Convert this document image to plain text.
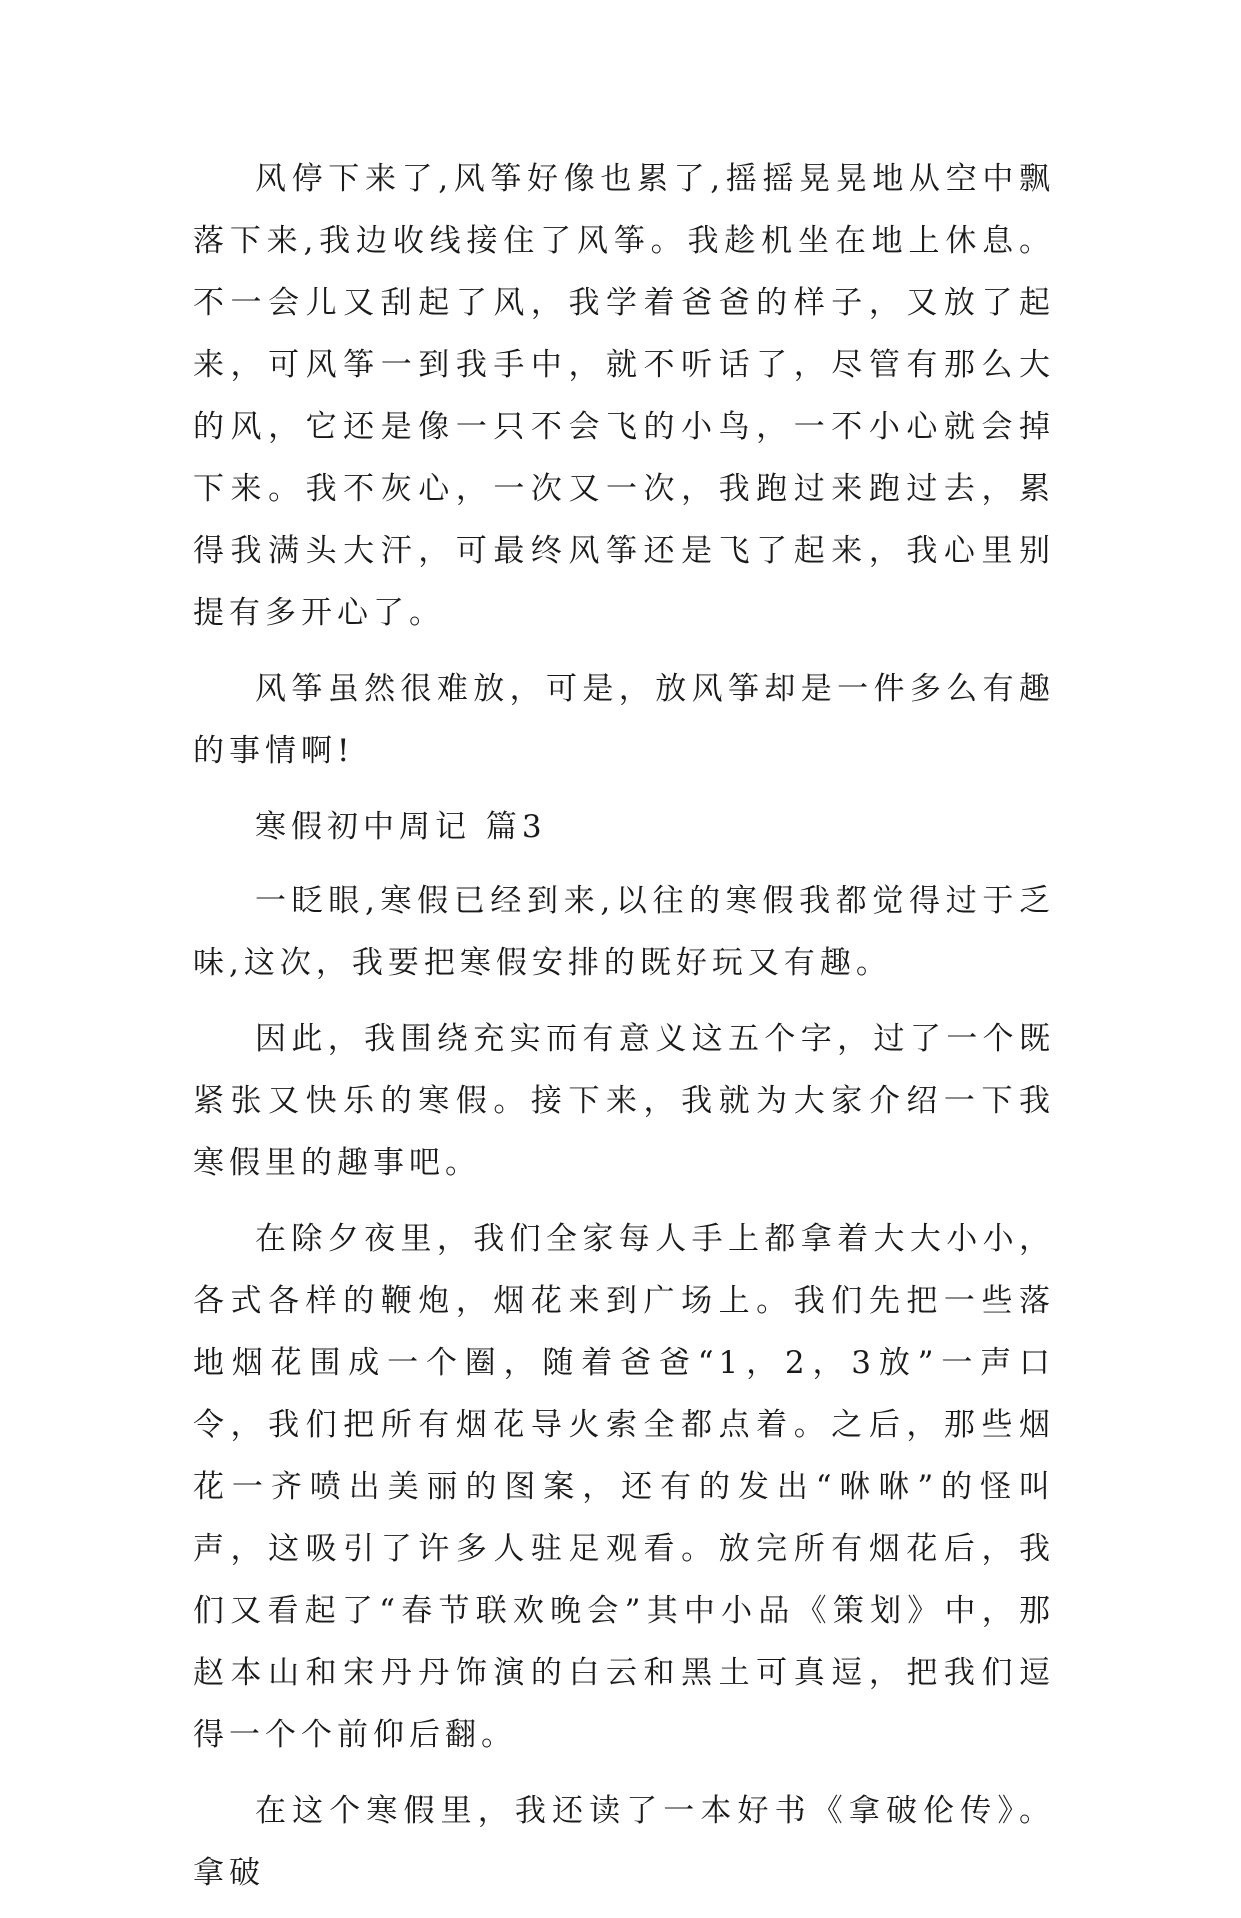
风停下来了,风筝好像也累了,摇摇晃晃地从空中飘落下来,我边收线接住了风筝。我趁机坐在地上休息。不一会儿又刮起了风，我学着爸爸的样子，又放了起来，可风筝一到我手中，就不听话了，尽管有那么大的风，它还是像一只不会飞的小鸟，一不小心就会掉下来。我不灰心，一次又一次，我跑过来跑过去，累得我满头大汗，可最终风筝还是飞了起来，我心里别提有多开心了。

风筝虽然很难放，可是，放风筝却是一件多么有趣的事情啊!

寒假初中周记 篇3

一眨眼,寒假已经到来,以往的寒假我都觉得过于乏味,这次，我要把寒假安排的既好玩又有趣。

因此，我围绕充实而有意义这五个字，过了一个既紧张又快乐的寒假。接下来，我就为大家介绍一下我寒假里的趣事吧。

在除夕夜里，我们全家每人手上都拿着大大小小，各式各样的鞭炮，烟花来到广场上。我们先把一些落地烟花围成一个圈，随着爸爸“1，2，3放”一声口令，我们把所有烟花导火索全都点着。之后，那些烟花一齐喷出美丽的图案，还有的发出“咻咻”的怪叫声，这吸引了许多人驻足观看。放完所有烟花后，我们又看起了“春节联欢晚会”其中小品《策划》中，那赵本山和宋丹丹饰演的白云和黑土可真逗，把我们逗得一个个前仰后翻。

在这个寒假里，我还读了一本好书《拿破伦传》。拿破
